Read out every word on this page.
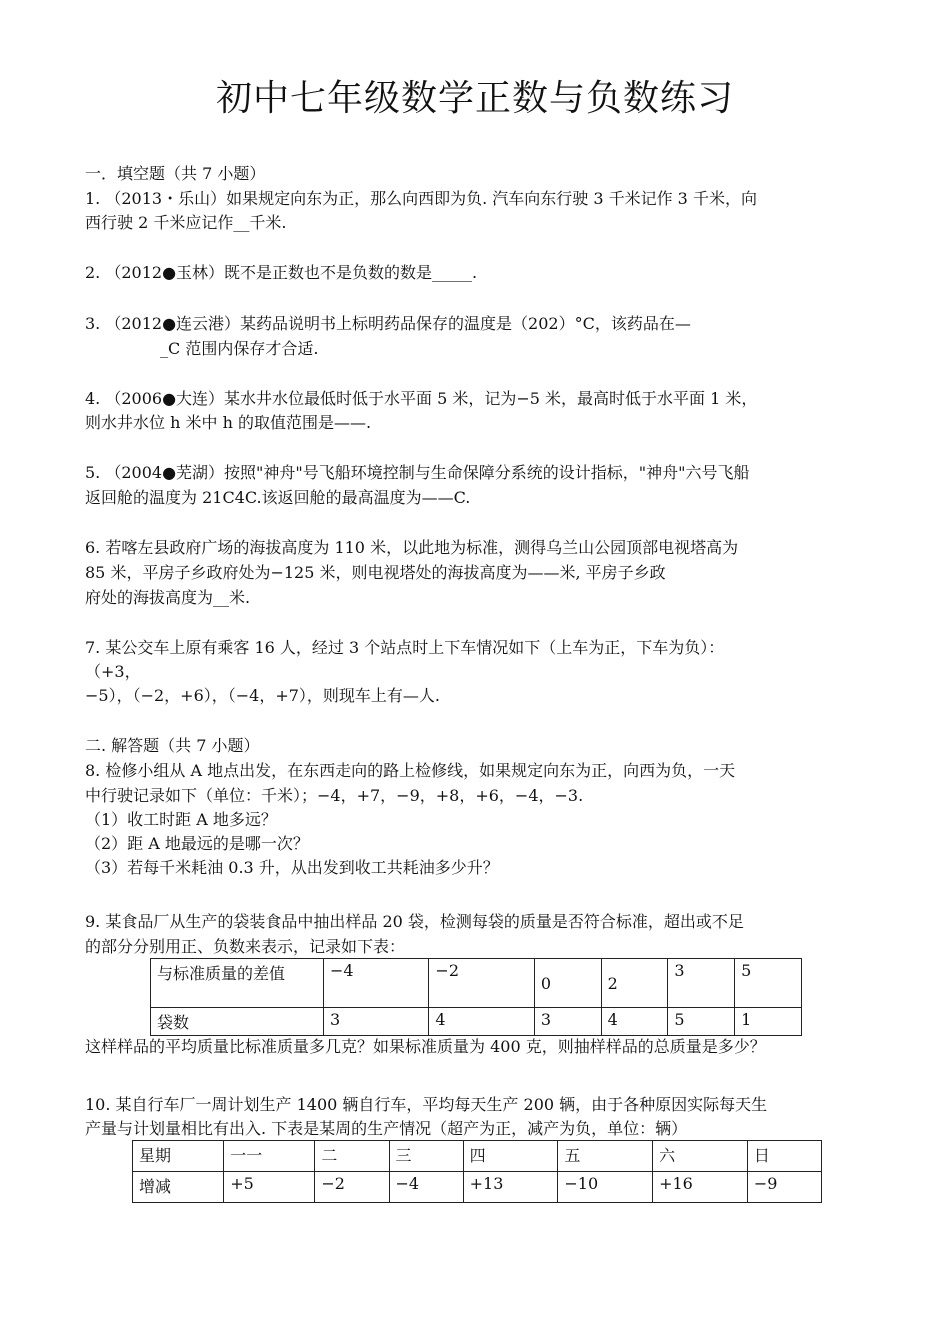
初中七年级数学正数与负数练习
一．填空题（共 7 小题）
1. （2013・乐山）如果规定向东为正，那么向西即为负. 汽车向东行驶 3 千米记作 3 千米，向
西行驶 2 千米应记作__千米.
2. （2012●玉林）既不是正数也不是负数的数是_____.
3. （2012●连云港）某药品说明书上标明药品保存的温度是（202）°C，该药品在—
_C 范围内保存才合适.
4. （2006●大连）某水井水位最低时低于水平面 5 米，记为−5 米，最高时低于水平面 1 米，
则水井水位 h 米中 h 的取值范围是——.
5. （2004●芜湖）按照"神舟"号飞船环境控制与生命保障分系统的设计指标，"神舟"六号飞船
返回舱的温度为 21C4C.该返回舱的最高温度为——C.
6. 若喀左县政府广场的海拔高度为 110 米，以此地为标准，测得乌兰山公园顶部电视塔高为
85 米，平房子乡政府处为−125 米，则电视塔处的海拔高度为——米, 平房子乡政
府处的海拔高度为__米.
7. 某公交车上原有乘客 16 人，经过 3 个站点时上下车情况如下（上车为正，下车为负）：
（+3，
−5），（−2，+6），（−4，+7），则现车上有—人.
二. 解答题（共 7 小题）
8. 检修小组从 A 地点出发，在东西走向的路上检修线，如果规定向东为正，向西为负，一天
中行驶记录如下（单位：千米）；−4，+7，−9，+8，+6，−4，−3.
（1）收工时距 A 地多远？
（2）距 A 地最远的是哪一次？
（3）若每千米耗油 0.3 升，从出发到收工共耗油多少升？
9. 某食品厂从生产的袋装食品中抽出样品 20 袋，检测每袋的质量是否符合标准，超出或不足
的部分分别用正、负数来表示，记录如下表：
与标准质量的差值	−4	−2	0	2	3	5
袋数	3	4	3	4	5	1
这样样品的平均质量比标准质量多几克？如果标准质量为 400 克，则抽样样品的总质量是多少？
10. 某自行车厂一周计划生产 1400 辆自行车，平均每天生产 200 辆，由于各种原因实际每天生
产量与计划量相比有出入. 下表是某周的生产情况（超产为正，减产为负，单位：辆）
星期	一一	二	三	四	五	六	日
增减	+5	−2	−4	+13	−10	+16	−9
